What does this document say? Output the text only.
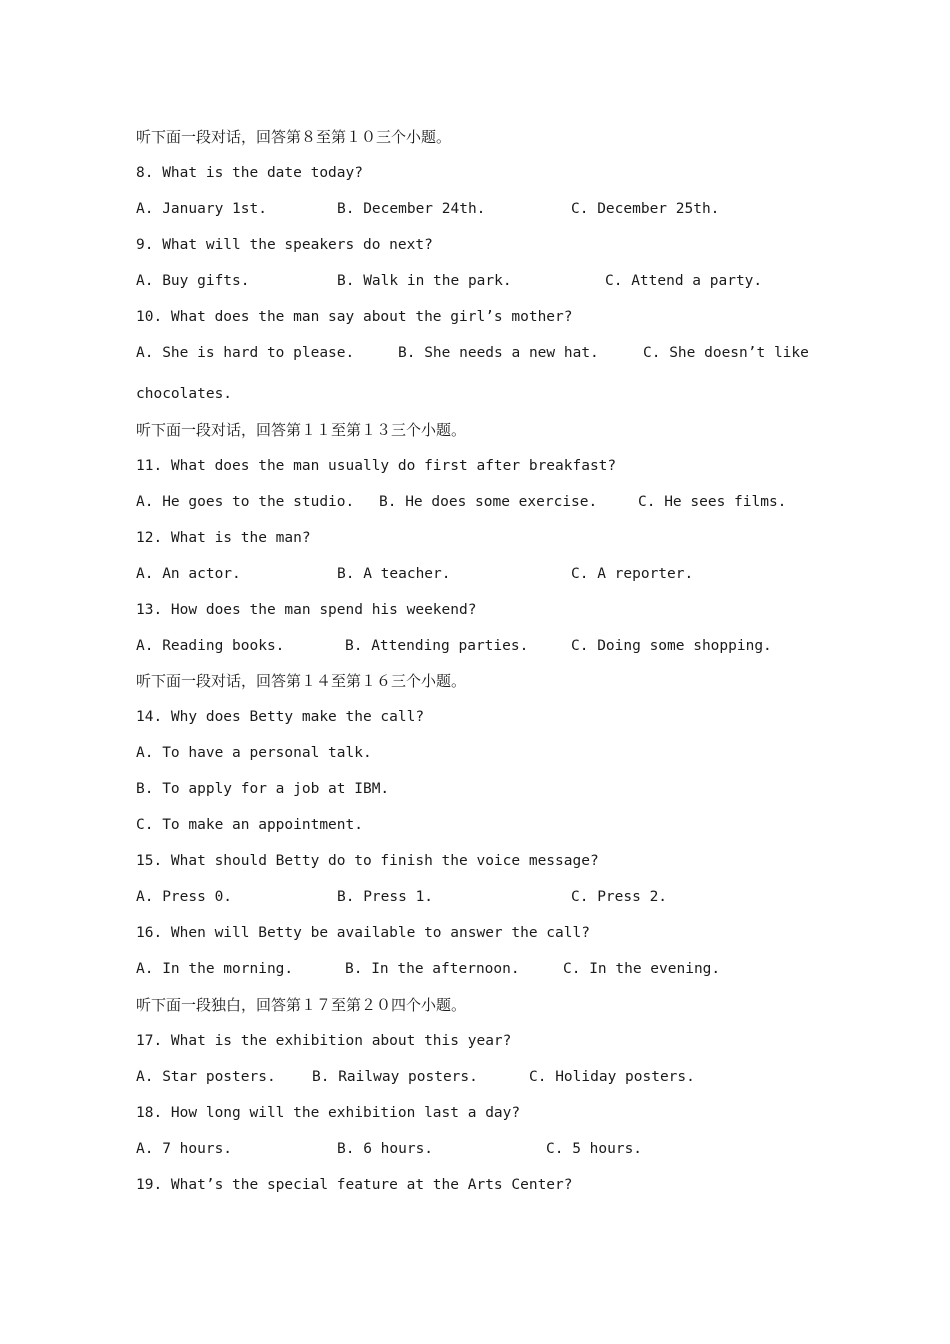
听下面一段对话，回答第８至第１０三个小题。
8. What is the date today?
A. January 1st.	B. December 24th.	C. December 25th.
9. What will the speakers do next?
A. Buy gifts.	B. Walk in the park.	C. Attend a party.
10. What does the man say about the girl’s mother?
A. She is hard to please.	B. She needs a new hat.	C. She doesn’t like
chocolates.
听下面一段对话，回答第１１至第１３三个小题。
11. What does the man usually do first after breakfast?
A. He goes to the studio. B. He does some exercise.	C. He sees films.
12. What is the man?
A. An actor.	B. A teacher.	C. A reporter.
13. How does the man spend his weekend?
A. Reading books.	B. Attending parties.	C. Doing some shopping.
听下面一段对话，回答第１４至第１６三个小题。
14. Why does Betty make the call?
A. To have a personal talk.
B. To apply for a job at IBM.
C. To make an appointment.
15. What should Betty do to finish the voice message?
A. Press 0.	B. Press 1.	C. Press 2.
16. When will Betty be available to answer the call?
A. In the morning.	B. In the afternoon.	C. In the evening.
听下面一段独白，回答第１７至第２０四个小题。
17. What is the exhibition about this year?
A. Star posters.	B. Railway posters.	C. Holiday posters.
18. How long will the exhibition last a day?
A. 7 hours.	B. 6 hours.	C. 5 hours.
19. What’s the special feature at the Arts Center?
